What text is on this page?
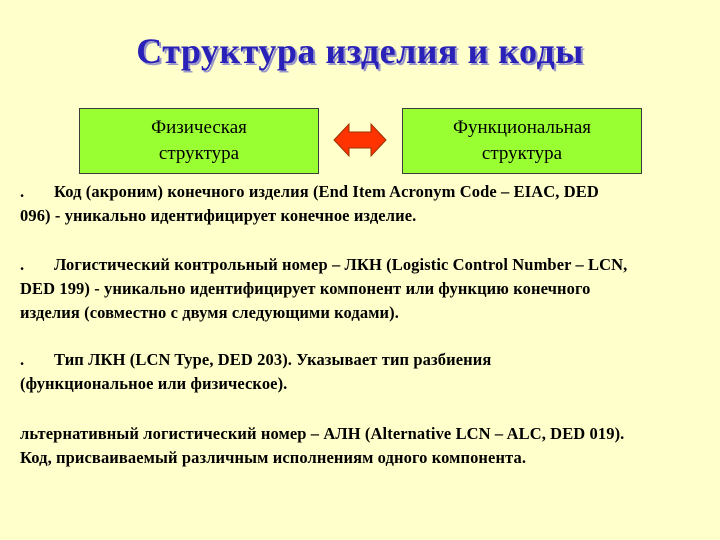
Структура изделия и коды
Физическая
структура
Функциональная
структура
. Код (акроним) конечного изделия (End Item Acronym Code – EIAC, DED
096) - уникально идентифицирует конечное изделие.
. Логистический контрольный номер – ЛКН (Logistic Control Number – LCN,
DED 199) - уникально идентифицирует компонент или функцию конечного
изделия (совместно с двумя следующими кодами).
. Тип ЛКН (LCN Type, DED 203). Указывает тип разбиения
(функциональное или физическое).
льтернативный логистический номер – АЛН (Alternative LCN – ALC, DED 019).
Код, присваиваемый различным исполнениям одного компонента.
